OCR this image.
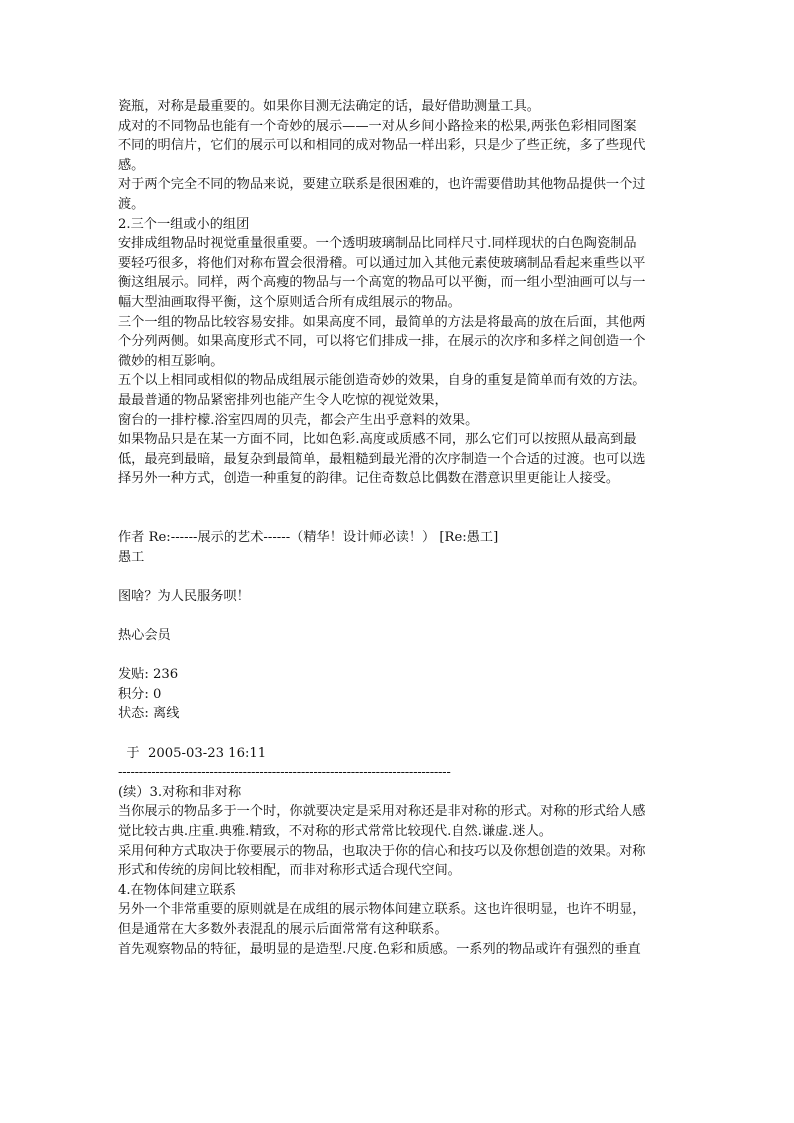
瓷瓶，对称是最重要的。如果你目测无法确定的话，最好借助测量工具。
成对的不同物品也能有一个奇妙的展示——一对从乡间小路捡来的松果,两张色彩相同图案
不同的明信片，它们的展示可以和相同的成对物品一样出彩，只是少了些正统，多了些现代
感。
对于两个完全不同的物品来说，要建立联系是很困难的，也许需要借助其他物品提供一个过
渡。
2.三个一组或小的组团
安排成组物品时视觉重量很重要。一个透明玻璃制品比同样尺寸.同样现状的白色陶瓷制品
要轻巧很多，将他们对称布置会很滑稽。可以通过加入其他元素使玻璃制品看起来重些以平
衡这组展示。同样，两个高瘦的物品与一个高宽的物品可以平衡，而一组小型油画可以与一
幅大型油画取得平衡，这个原则适合所有成组展示的物品。
三个一组的物品比较容易安排。如果高度不同，最简单的方法是将最高的放在后面，其他两
个分列两侧。如果高度形式不同，可以将它们排成一排，在展示的次序和多样之间创造一个
微妙的相互影响。
五个以上相同或相似的物品成组展示能创造奇妙的效果，自身的重复是简单而有效的方法。
最最普通的物品紧密排列也能产生令人吃惊的视觉效果，
窗台的一排柠檬.浴室四周的贝壳，都会产生出乎意料的效果。
如果物品只是在某一方面不同，比如色彩.高度或质感不同，那么它们可以按照从最高到最
低，最亮到最暗，最复杂到最简单，最粗糙到最光滑的次序制造一个合适的过渡。也可以选
择另外一种方式，创造一种重复的韵律。记住奇数总比偶数在潜意识里更能让人接受。
作者 Re:------展示的艺术------（精华！设计师必读！） [Re:愚工]
愚工
图啥？为人民服务呗！
热心会员
发贴: 236
积分: 0
状态: 离线
于  2005-03-23 16:11
--------------------------------------------------------------------------------
(续）3.对称和非对称
当你展示的物品多于一个时，你就要决定是采用对称还是非对称的形式。对称的形式给人感
觉比较古典.庄重.典雅.精致，不对称的形式常常比较现代.自然.谦虚.迷人。
采用何种方式取决于你要展示的物品，也取决于你的信心和技巧以及你想创造的效果。对称
形式和传统的房间比较相配，而非对称形式适合现代空间。
4.在物体间建立联系
另外一个非常重要的原则就是在成组的展示物体间建立联系。这也许很明显，也许不明显，
但是通常在大多数外表混乱的展示后面常常有这种联系。
首先观察物品的特征，最明显的是造型.尺度.色彩和质感。一系列的物品或许有强烈的垂直
